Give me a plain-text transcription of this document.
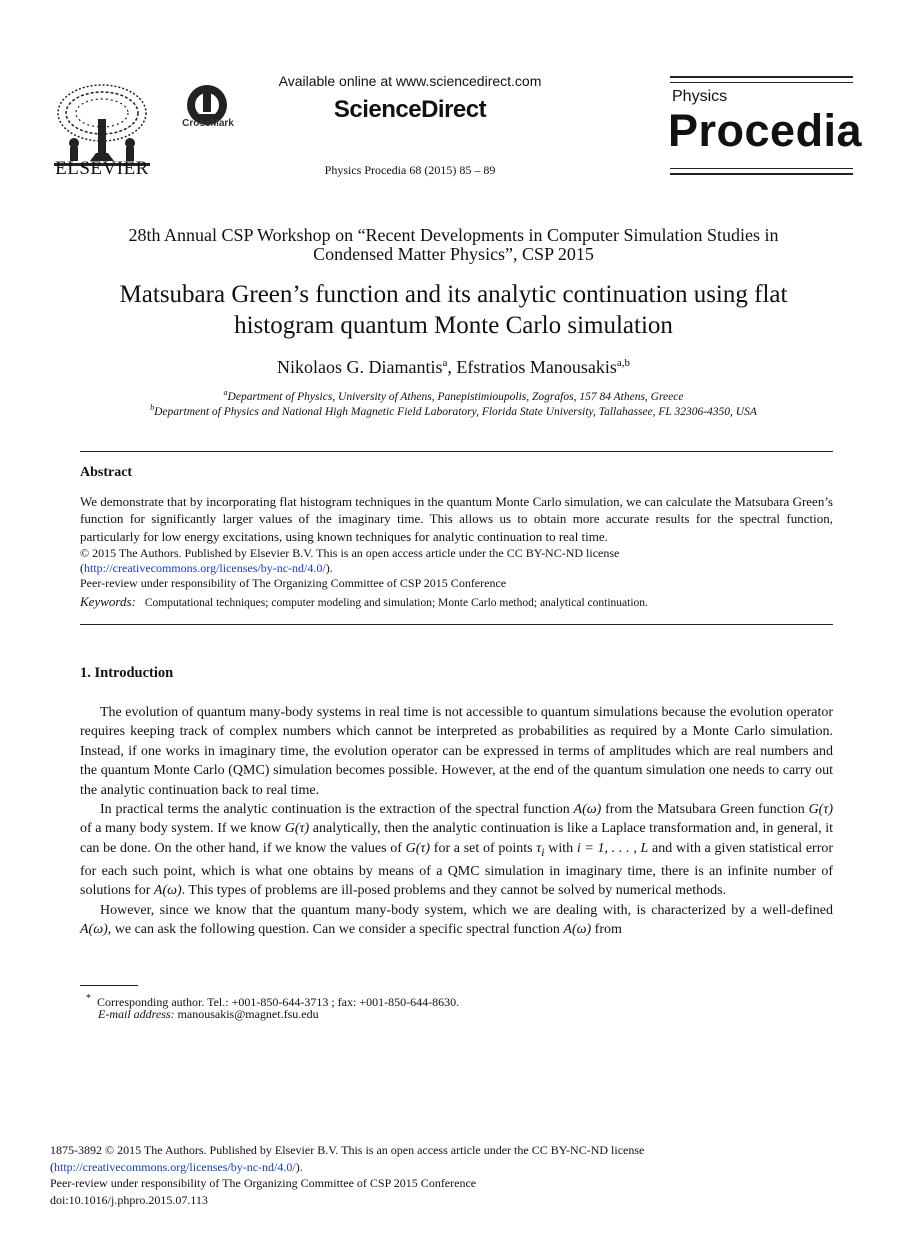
ELSEVIER
CrossMark
Available online at www.sciencedirect.com
ScienceDirect
Physics Procedia 68 (2015) 85 – 89
Physics
Procedia
28th Annual CSP Workshop on “Recent Developments in Computer Simulation Studies in
Condensed Matter Physics”, CSP 2015
Matsubara Green’s function and its analytic continuation using flat
histogram quantum Monte Carlo simulation
Nikolaos G. Diamantis$^a$, Efstratios Manousakis$^{a,b}$
$^a$Department of Physics, University of Athens, Panepistimioupolis, Zografos, 157 84 Athens, Greece
$^b$Department of Physics and National High Magnetic Field Laboratory, Florida State University, Tallahassee, FL 32306-4350, USA
Abstract
We demonstrate that by incorporating flat histogram techniques in the quantum Monte Carlo simulation, we can calculate the Matsubara Green’s function for significantly larger values of the imaginary time. This allows us to obtain more accurate results for the spectral function, particularly for low energy excitations, using known techniques for analytic continuation to real time.
© 2015 The Authors. Published by Elsevier B.V. This is an open access article under the CC BY-NC-ND license
(http://creativecommons.org/licenses/by-nc-nd/4.0/).
Peer-review under responsibility of The Organizing Committee of CSP 2015 Conference
Keywords: Computational techniques; computer modeling and simulation; Monte Carlo method; analytical continuation.
1. Introduction

The evolution of quantum many-body systems in real time is not accessible to quantum simulations because the evolution operator requires keeping track of complex numbers which cannot be interpreted as probabilities as required by a Monte Carlo simulation. Instead, if one works in imaginary time, the evolution operator can be expressed in terms of amplitudes which are real numbers and the quantum Monte Carlo (QMC) simulation becomes possible. However, at the end of the quantum simulation one needs to carry out the analytic continuation back to real time.

In practical terms the analytic continuation is the extraction of the spectral function A(ω) from the Matsubara Green function G(τ) of a many body system. If we know G(τ) analytically, then the analytic continuation is like a Laplace transformation and, in general, it can be done. On the other hand, if we know the values of G(τ) for a set of points $\tau_i$ with i = 1, . . . , L and with a given statistical error for each such point, which is what one obtains by means of a QMC simulation in imaginary time, there is an infinite number of solutions for A(ω). This types of problems are ill-posed problems and they cannot be solved by numerical methods.

However, since we know that the quantum many-body system, which we are dealing with, is characterized by a well-defined A(ω), we can ask the following question. Can we consider a specific spectral function A(ω) from

* Corresponding author. Tel.: +001-850-644-3713 ; fax: +001-850-644-8630.
E-mail address: manousakis@magnet.fsu.edu
1875-3892 © 2015 The Authors. Published by Elsevier B.V. This is an open access article under the CC BY-NC-ND license
(http://creativecommons.org/licenses/by-nc-nd/4.0/).
Peer-review under responsibility of The Organizing Committee of CSP 2015 Conference
doi:10.1016/j.phpro.2015.07.113
